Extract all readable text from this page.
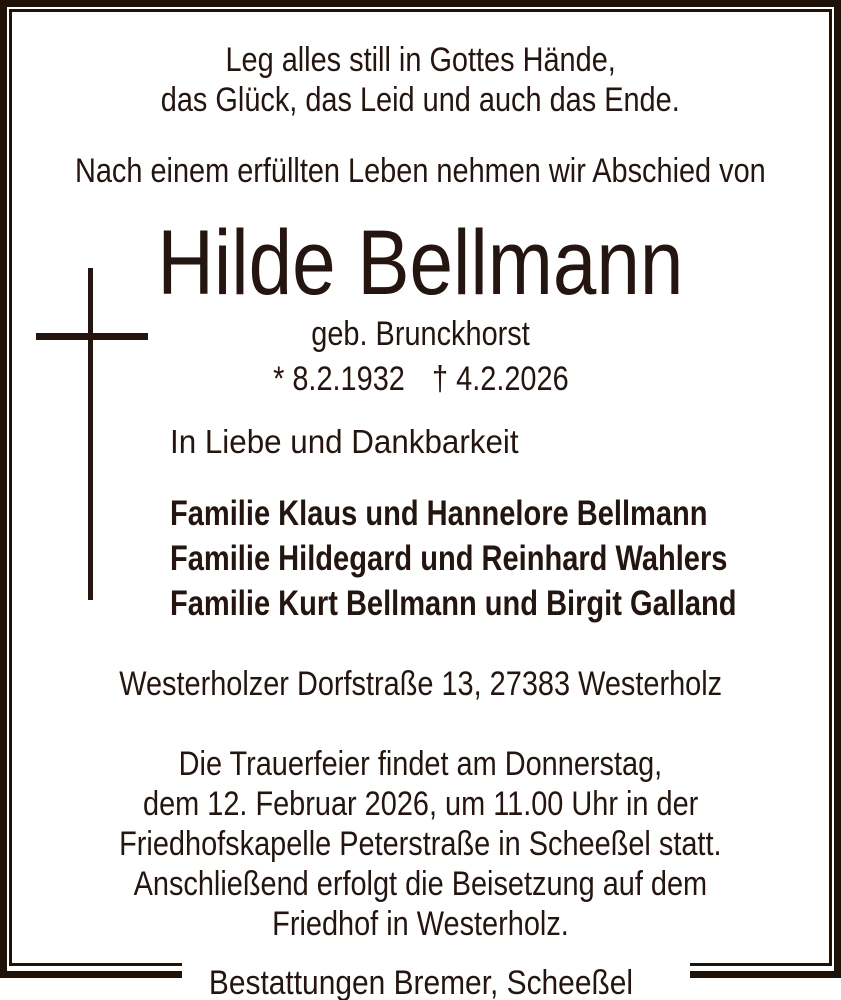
Leg alles still in Gottes Hände,
das Glück, das Leid und auch das Ende.
Nach einem erfüllten Leben nehmen wir Abschied von
Hilde Bellmann
geb. Brunckhorst
* 8.2.1932 † 4.2.2026
In Liebe und Dankbarkeit
Familie Klaus und Hannelore Bellmann
Familie Hildegard und Reinhard Wahlers
Familie Kurt Bellmann und Birgit Galland
Westerholzer Dorfstraße 13, 27383 Westerholz
Die Trauerfeier findet am Donnerstag,
dem 12. Februar 2026, um 11.00 Uhr in der
Friedhofskapelle Peterstraße in Scheeßel statt.
Anschließend erfolgt die Beisetzung auf dem
Friedhof in Westerholz.
Bestattungen Bremer, Scheeßel
